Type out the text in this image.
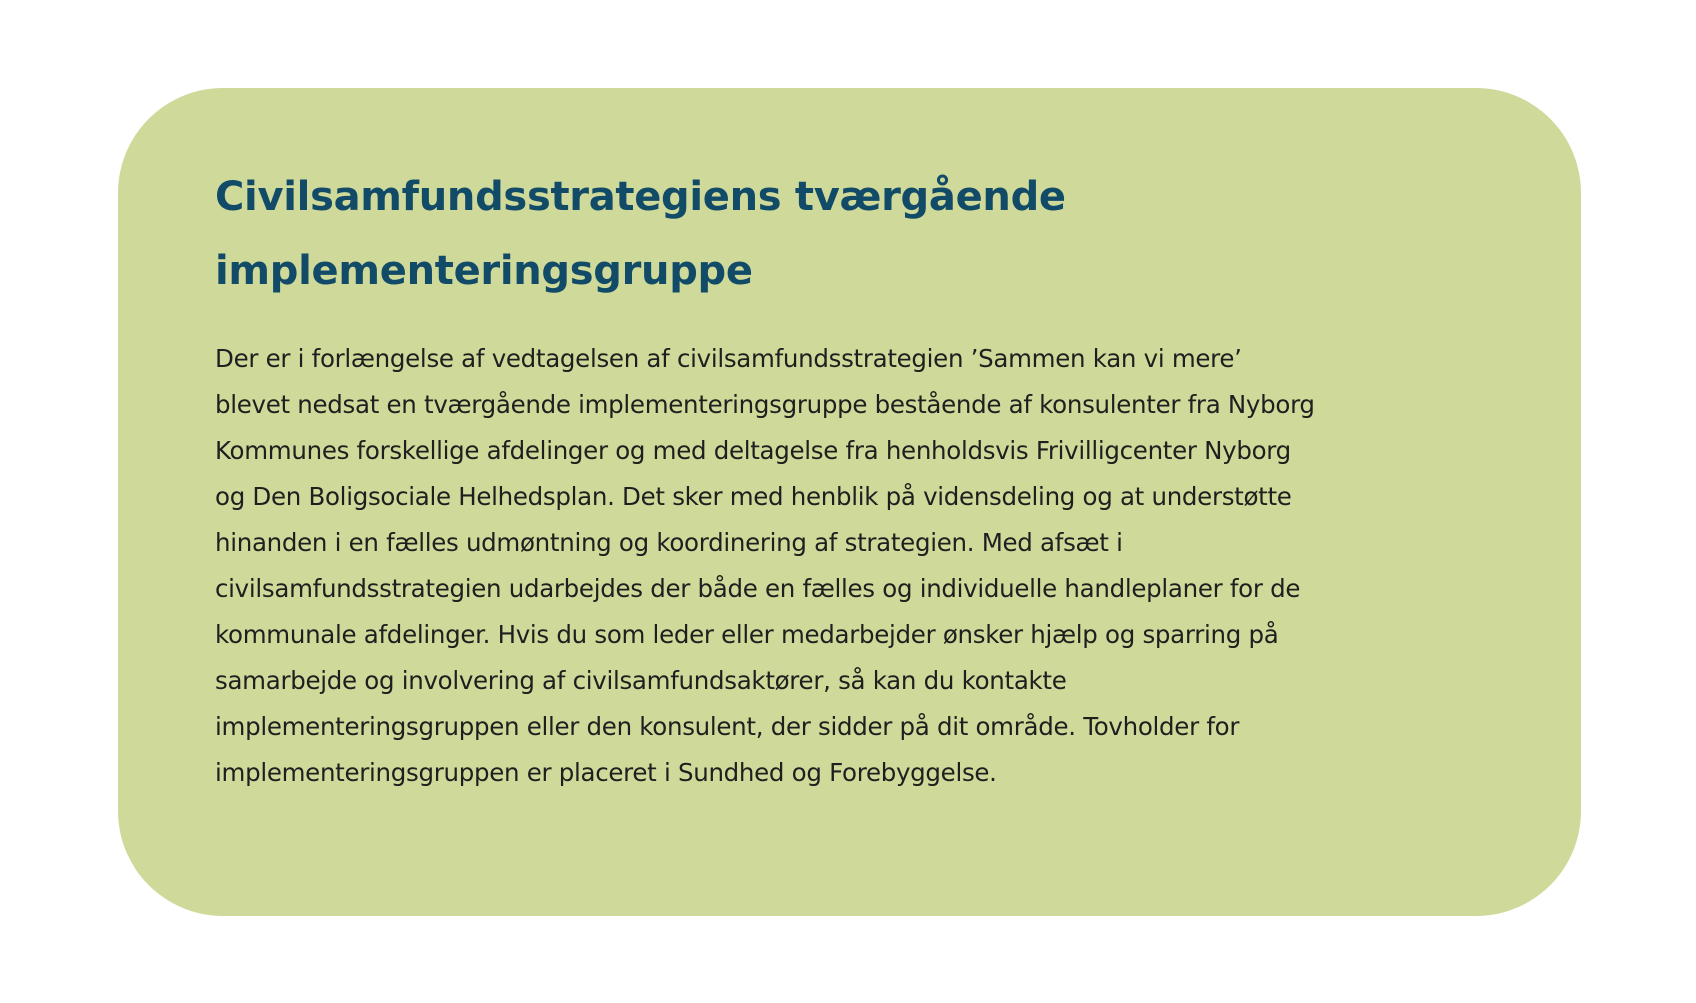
Civilsamfundsstrategiens tværgående
implementeringsgruppe

Der er i forlængelse af vedtagelsen af civilsamfundsstrategien ’Sammen kan vi mere’
blevet nedsat en tværgående implementeringsgruppe bestående af konsulenter fra Nyborg
Kommunes forskellige afdelinger og med deltagelse fra henholdsvis Frivilligcenter Nyborg
og Den Boligsociale Helhedsplan. Det sker med henblik på vidensdeling og at understøtte
hinanden i en fælles udmøntning og koordinering af strategien. Med afsæt i
civilsamfundsstrategien udarbejdes der både en fælles og individuelle handleplaner for de
kommunale afdelinger. Hvis du som leder eller medarbejder ønsker hjælp og sparring på
samarbejde og involvering af civilsamfundsaktører, så kan du kontakte
implementeringsgruppen eller den konsulent, der sidder på dit område. Tovholder for
implementeringsgruppen er placeret i Sundhed og Forebyggelse.
